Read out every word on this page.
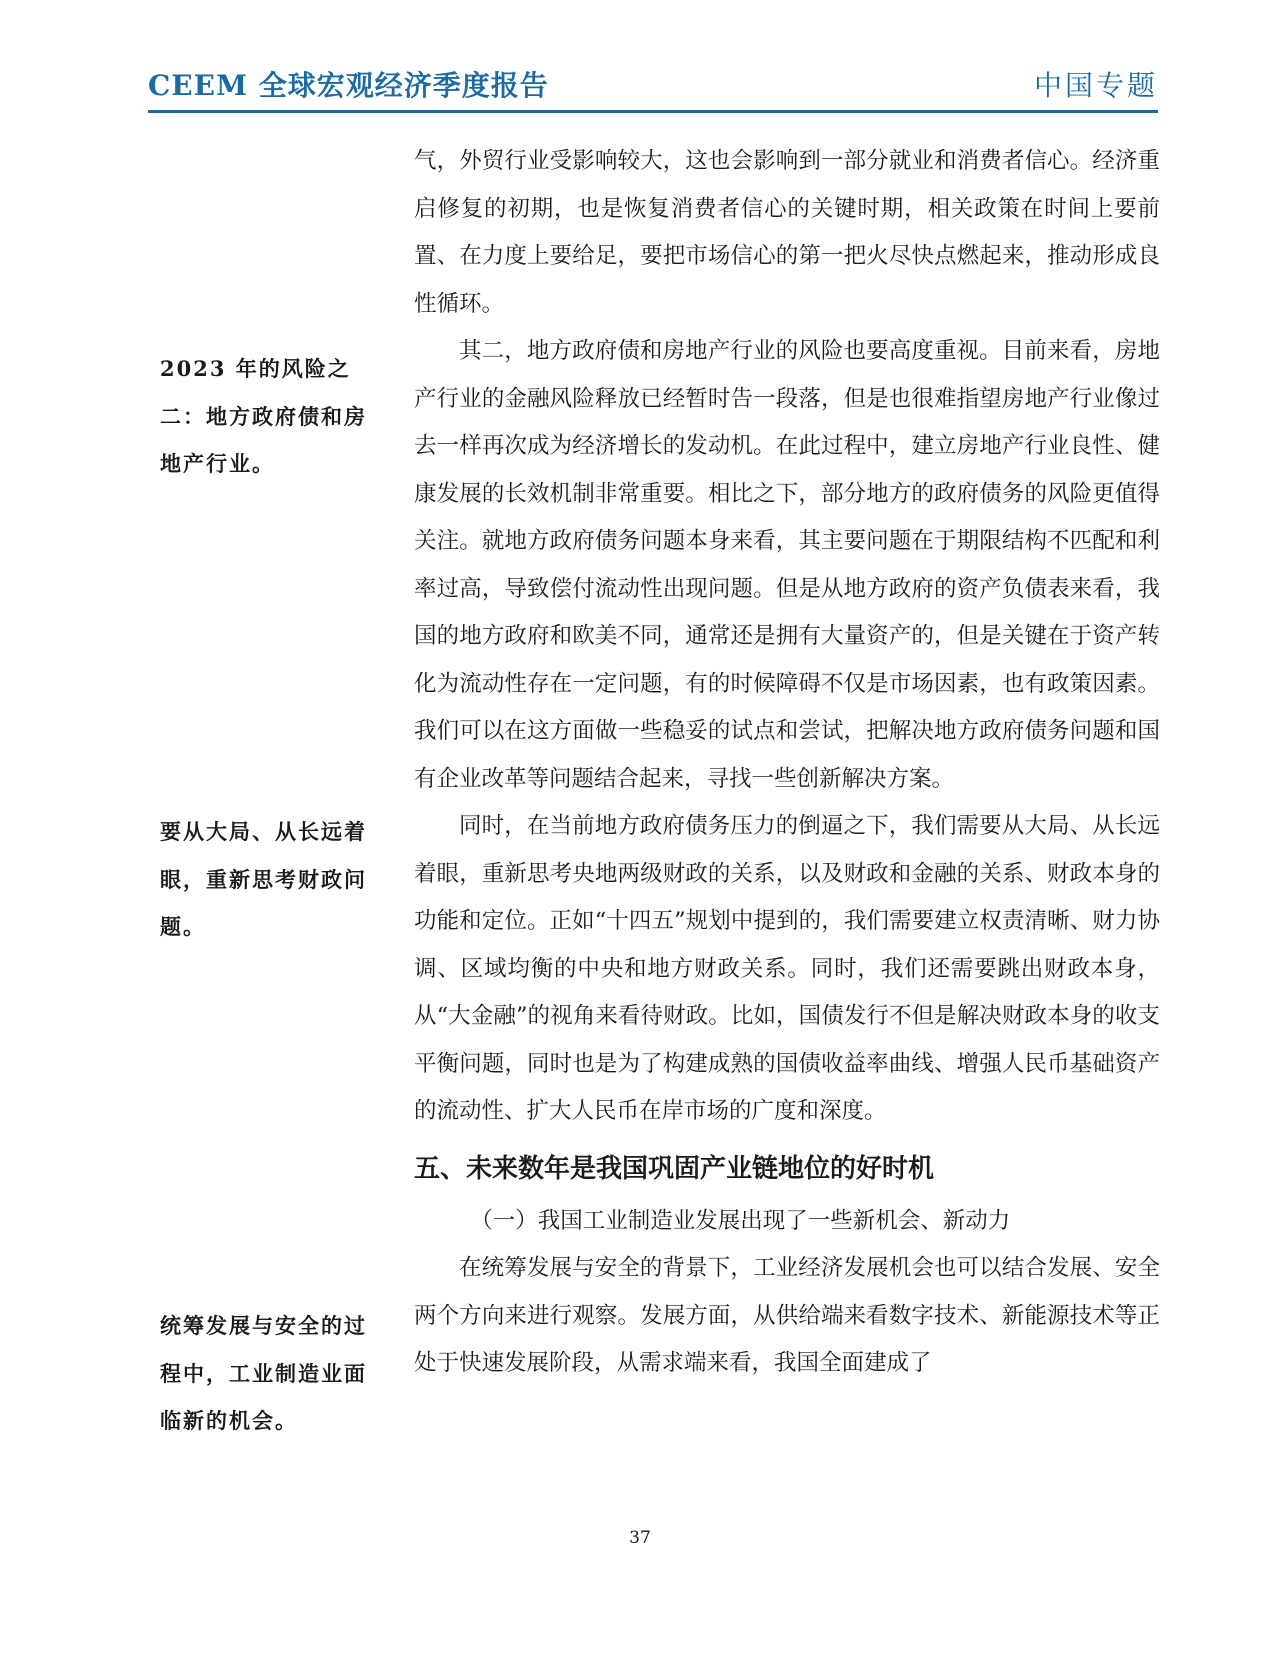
CEEM 全球宏观经济季度报告	中国专题
2023 年的风险之二：地方政府债和房地产行业。
要从大局、从长远着眼，重新思考财政问题。
统筹发展与安全的过程中，工业制造业面临新的机会。

气，外贸行业受影响较大，这也会影响到一部分就业和消费者信心。经济重启修复的初期，也是恢复消费者信心的关键时期，相关政策在时间上要前置、在力度上要给足，要把市场信心的第一把火尽快点燃起来，推动形成良性循环。

其二，地方政府债和房地产行业的风险也要高度重视。目前来看，房地产行业的金融风险释放已经暂时告一段落，但是也很难指望房地产行业像过去一样再次成为经济增长的发动机。在此过程中，建立房地产行业良性、健康发展的长效机制非常重要。相比之下，部分地方的政府债务的风险更值得关注。就地方政府债务问题本身来看，其主要问题在于期限结构不匹配和利率过高，导致偿付流动性出现问题。但是从地方政府的资产负债表来看，我国的地方政府和欧美不同，通常还是拥有大量资产的，但是关键在于资产转化为流动性存在一定问题，有的时候障碍不仅是市场因素，也有政策因素。我们可以在这方面做一些稳妥的试点和尝试，把解决地方政府债务问题和国有企业改革等问题结合起来，寻找一些创新解决方案。

同时，在当前地方政府债务压力的倒逼之下，我们需要从大局、从长远着眼，重新思考央地两级财政的关系，以及财政和金融的关系、财政本身的功能和定位。正如“十四五”规划中提到的，我们需要建立权责清晰、财力协调、区域均衡的中央和地方财政关系。同时，我们还需要跳出财政本身，从“大金融”的视角来看待财政。比如，国债发行不但是解决财政本身的收支平衡问题，同时也是为了构建成熟的国债收益率曲线、增强人民币基础资产的流动性、扩大人民币在岸市场的广度和深度。

五、未来数年是我国巩固产业链地位的好时机

（一）我国工业制造业发展出现了一些新机会、新动力

在统筹发展与安全的背景下，工业经济发展机会也可以结合发展、安全两个方向来进行观察。发展方面，从供给端来看数字技术、新能源技术等正处于快速发展阶段，从需求端来看，我国全面建成了

37
